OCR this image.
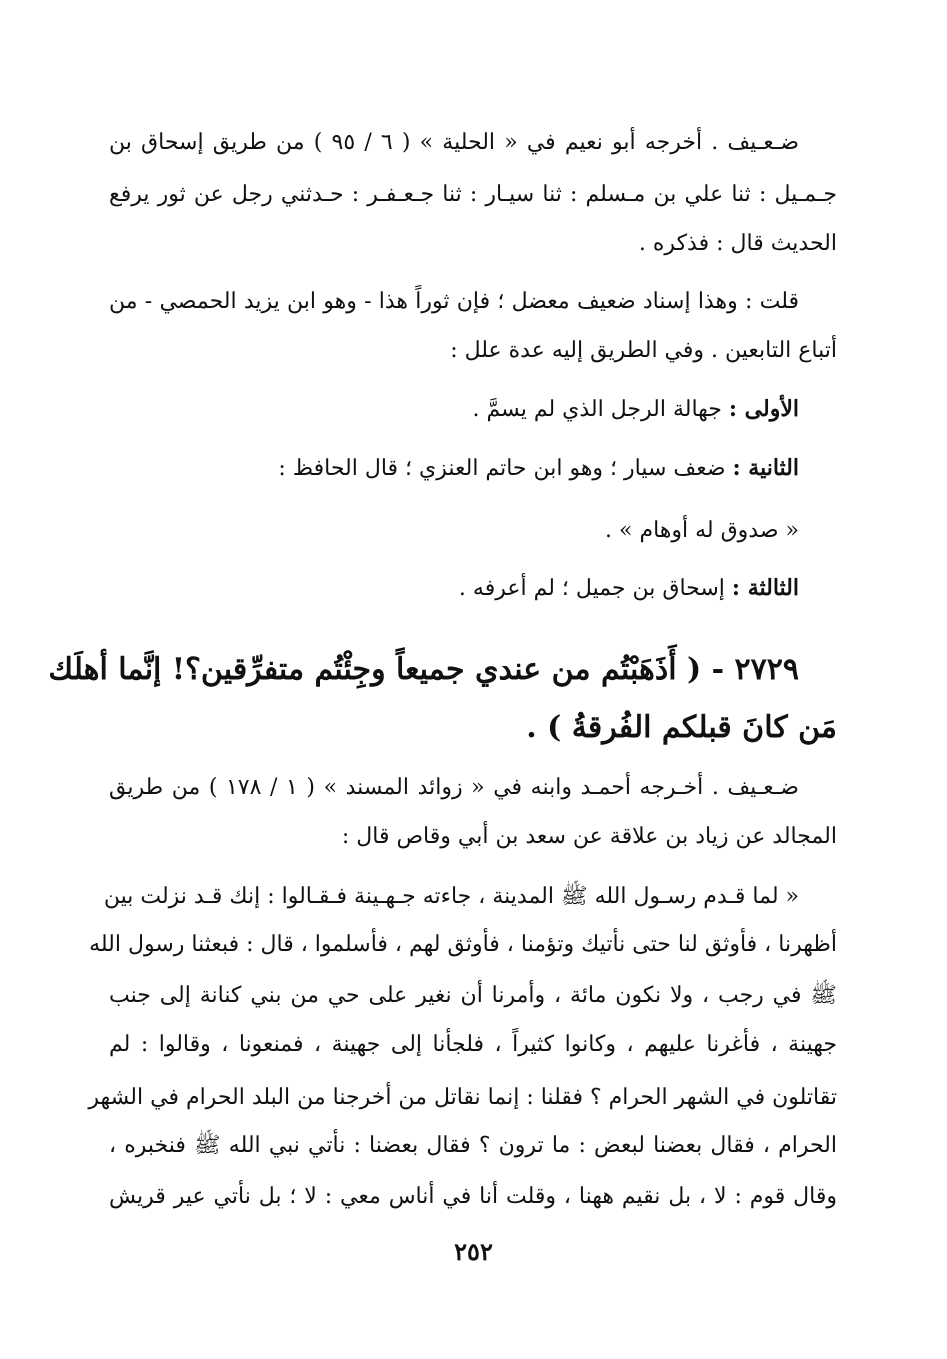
ضـعـيف . أخرجه أبو نعيم في « الحلية » ( ٦ / ٩٥ ) من طريق إسحاق بن
جـمـيل : ثنا علي بن مـسلم : ثنا سيـار : ثنا جـعـفـر : حـدثني رجل عن ثور يرفع
الحديث قال : فذكره .
قلت : وهذا إسناد ضعيف معضل ؛ فإن ثوراً هذا - وهو ابن يزيد الحمصي - من
أتباع التابعين . وفي الطريق إليه عدة علل :
الأولى : جهالة الرجل الذي لم يسمَّ .
الثانية : ضعف سيار ؛ وهو ابن حاتم العنزي ؛ قال الحافظ :
« صدوق له أوهام » .
الثالثة : إسحاق بن جميل ؛ لم أعرفه .
٢٧٢٩ - ( أَذَهَبْتُم من عندي جميعاً وجِئْتُم متفرِّقين؟! إنَّما أهلَك
مَن كانَ قبلكم الفُرقةُ ) .
ضـعـيف . أخـرجه أحمـد وابنه في « زوائد المسند » ( ١ / ١٧٨ ) من طريق
المجالد عن زياد بن علاقة عن سعد بن أبي وقاص قال :
« لما قـدم رسـول الله ﷺ المدينة ، جاءته جـهـينة فـقـالوا : إنك قـد نزلت بين
أظهرنا ، فأوثق لنا حتى نأتيك وتؤمنا ، فأوثق لهم ، فأسلموا ، قال : فبعثنا رسول الله
ﷺ في رجب ، ولا نكون مائة ، وأمرنا أن نغير على حي من بني كنانة إلى جنب
جهينة ، فأغرنا عليهم ، وكانوا كثيراً ، فلجأنا إلى جهينة ، فمنعونا ، وقالوا : لم
تقاتلون في الشهر الحرام ؟ فقلنا : إنما نقاتل من أخرجنا من البلد الحرام في الشهر
الحرام ، فقال بعضنا لبعض : ما ترون ؟ فقال بعضنا : نأتي نبي الله ﷺ فنخبره ،
وقال قوم : لا ، بل نقيم ههنا ، وقلت أنا في أناس معي : لا ؛ بل نأتي عير قريش
٢٥٢
